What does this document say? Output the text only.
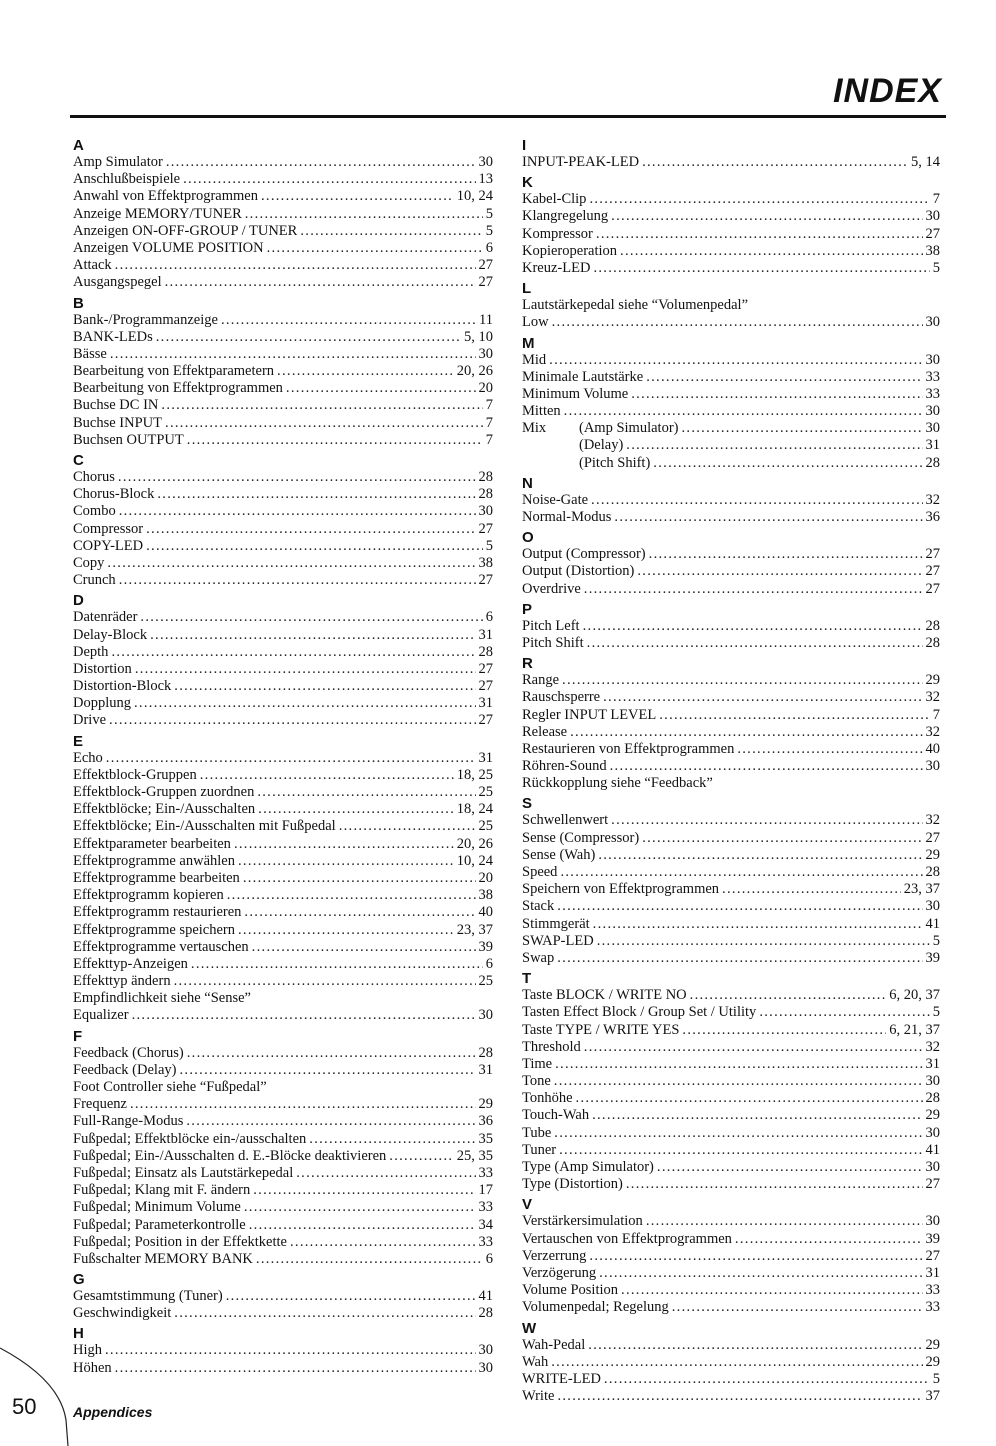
INDEX
A
Amp Simulator .....	30
Anschlußbeispiele .....	13
Anwahl von Effektprogrammen .....	10, 24
Anzeige MEMORY/TUNER .....	5
Anzeigen ON-OFF-GROUP / TUNER .....	5
Anzeigen VOLUME POSITION .....	6
Attack .....	27
Ausgangspegel .....	27
B
Bank-/Programmanzeige .....	11
BANK-LEDs .....	5, 10
Bässe .....	30
Bearbeitung von Effektparametern .....	20, 26
Bearbeitung von Effektprogrammen .....	20
Buchse DC IN .....	7
Buchse INPUT .....	7
Buchsen OUTPUT .....	7
C
Chorus .....	28
Chorus-Block .....	28
Combo .....	30
Compressor .....	27
COPY-LED .....	5
Copy .....	38
Crunch .....	27
D
Datenräder .....	6
Delay-Block .....	31
Depth .....	28
Distortion .....	27
Distortion-Block .....	27
Dopplung .....	31
Drive .....	27
E
Echo .....	31
Effektblock-Gruppen .....	18, 25
Effektblock-Gruppen zuordnen .....	25
Effektblöcke; Ein-/Ausschalten .....	18, 24
Effektblöcke; Ein-/Ausschalten mit Fußpedal .....	25
Effektparameter bearbeiten .....	20, 26
Effektprogramme anwählen .....	10, 24
Effektprogramme bearbeiten .....	20
Effektprogramm kopieren .....	38
Effektprogramm restaurieren .....	40
Effektprogramme speichern .....	23, 37
Effektprogramme vertauschen .....	39
Effekttyp-Anzeigen .....	6
Effekttyp ändern .....	25
Empfindlichkeit siehe “Sense”
Equalizer .....	30
F
Feedback (Chorus) .....	28
Feedback (Delay) .....	31
Foot Controller siehe “Fußpedal”
Frequenz .....	29
Full-Range-Modus .....	36
Fußpedal; Effektblöcke ein-/ausschalten .....	35
Fußpedal; Ein-/Ausschalten d. E.-Blöcke deaktivieren .....	25, 35
Fußpedal; Einsatz als Lautstärkepedal .....	33
Fußpedal; Klang mit F. ändern .....	17
Fußpedal; Minimum Volume .....	33
Fußpedal; Parameterkontrolle .....	34
Fußpedal; Position in der Effektkette .....	33
Fußschalter MEMORY BANK .....	6
G
Gesamtstimmung (Tuner) .....	41
Geschwindigkeit .....	28
H
High .....	30
Höhen .....	30
I
INPUT-PEAK-LED .....	5, 14
K
Kabel-Clip .....	7
Klangregelung .....	30
Kompressor .....	27
Kopieroperation .....	38
Kreuz-LED .....	5
L
Lautstärkepedal siehe “Volumenpedal”
Low .....	30
M
Mid .....	30
Minimale Lautstärke .....	33
Minimum Volume .....	33
Mitten .....	30
Mix	(Amp Simulator) .....	30
(Delay) .....	31
(Pitch Shift) .....	28
N
Noise-Gate .....	32
Normal-Modus .....	36
O
Output (Compressor) .....	27
Output (Distortion) .....	27
Overdrive .....	27
P
Pitch Left .....	28
Pitch Shift .....	28
R
Range .....	29
Rauschsperre .....	32
Regler INPUT LEVEL .....	7
Release .....	32
Restaurieren von Effektprogrammen .....	40
Röhren-Sound .....	30
Rückkopplung siehe “Feedback”
S
Schwellenwert .....	32
Sense (Compressor) .....	27
Sense (Wah) .....	29
Speed .....	28
Speichern von Effektprogrammen .....	23, 37
Stack .....	30
Stimmgerät .....	41
SWAP-LED .....	5
Swap .....	39
T
Taste BLOCK / WRITE NO .....	6, 20, 37
Tasten Effect Block / Group Set / Utility .....	5
Taste TYPE / WRITE YES .....	6, 21, 37
Threshold .....	32
Time .....	31
Tone .....	30
Tonhöhe .....	28
Touch-Wah .....	29
Tube .....	30
Tuner .....	41
Type (Amp Simulator) .....	30
Type (Distortion) .....	27
V
Verstärkersimulation .....	30
Vertauschen von Effektprogrammen .....	39
Verzerrung .....	27
Verzögerung .....	31
Volume Position .....	33
Volumenpedal; Regelung .....	33
W
Wah-Pedal .....	29
Wah .....	29
WRITE-LED .....	5
Write .....	37
50	Appendices
